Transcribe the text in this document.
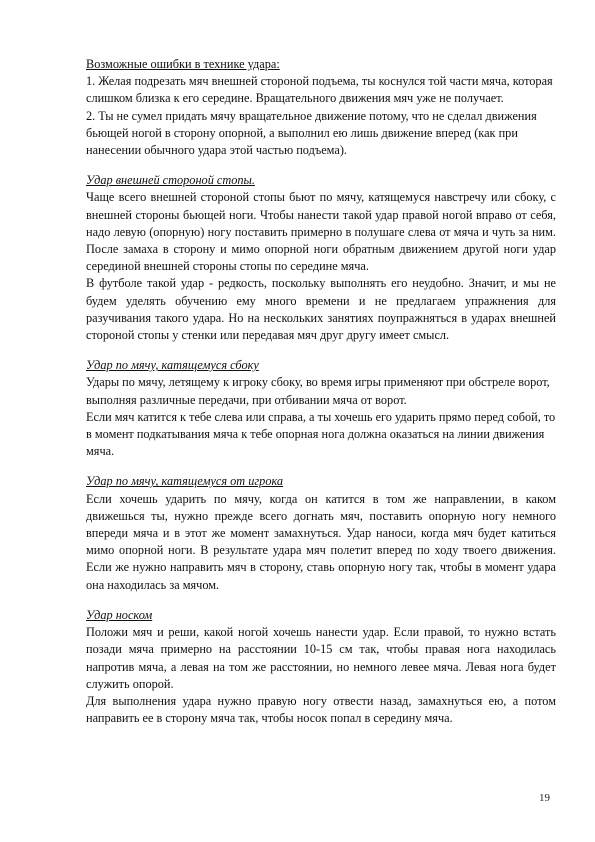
Возможные ошибки в технике удара:

1. Желая подрезать мяч внешней стороной подъема, ты коснулся той части мяча, которая слишком близка к его середине. Вращательного движения мяч уже не получает.

2. Ты не сумел придать мячу вращательное движение потому, что не сделал движения бьющей ногой в сторону опорной, а выполнил ею лишь движение вперед (как при нанесении обычного удара этой частью подъема).

Удар внешней стороной стопы.

Чаще всего внешней стороной стопы бьют по мячу, катящемуся навстречу или сбоку, с внешней стороны бьющей ноги. Чтобы нанести такой удар правой ногой вправо от себя, надо левую (опорную) ногу поставить примерно в полушаге слева от мяча и чуть за ним. После замаха в сторону и мимо опорной ноги обратным движением другой ноги удар серединой внешней стороны стопы по середине мяча.

В футболе такой удар - редкость, поскольку выполнять его неудобно. Значит, и мы не будем уделять обучению ему много времени и не предлагаем упражнения для разучивания такого удара. Но на нескольких занятиях поупражняться в ударах внешней стороной стопы у стенки или передавая мяч друг другу имеет смысл.

Удар по мячу, катящемуся сбоку

Удары по мячу, летящему к игроку сбоку, во время игры применяют при обстреле ворот, выполняя различные передачи, при отбивании мяча от ворот.

Если мяч катится к тебе слева или справа, а ты хочешь его ударить прямо перед собой, то в момент подкатывания мяча к тебе опорная нога должна оказаться на линии движения мяча.

Удар по мячу, катящемуся от игрока

Если хочешь ударить по мячу, когда он катится в том же направлении, в каком движешься ты, нужно прежде всего догнать мяч, поставить опорную ногу немного впереди мяча и в этот же момент замахнуться. Удар наноси, когда мяч будет катиться мимо опорной ноги. В результате удара мяч полетит вперед по ходу твоего движения. Если же нужно направить мяч в сторону, ставь опорную ногу так, чтобы в момент удара она находилась за мячом.

Удар носком

Положи мяч и реши, какой ногой хочешь нанести удар. Если правой, то нужно встать позади мяча примерно на расстоянии 10-15 см так, чтобы правая нога находилась напротив мяча, а левая на том же расстоянии, но немного левее мяча. Левая нога будет служить опорой.

Для выполнения удара нужно правую ногу отвести назад, замахнуться ею, а потом направить ее в сторону мяча так, чтобы носок попал в середину мяча.

19
